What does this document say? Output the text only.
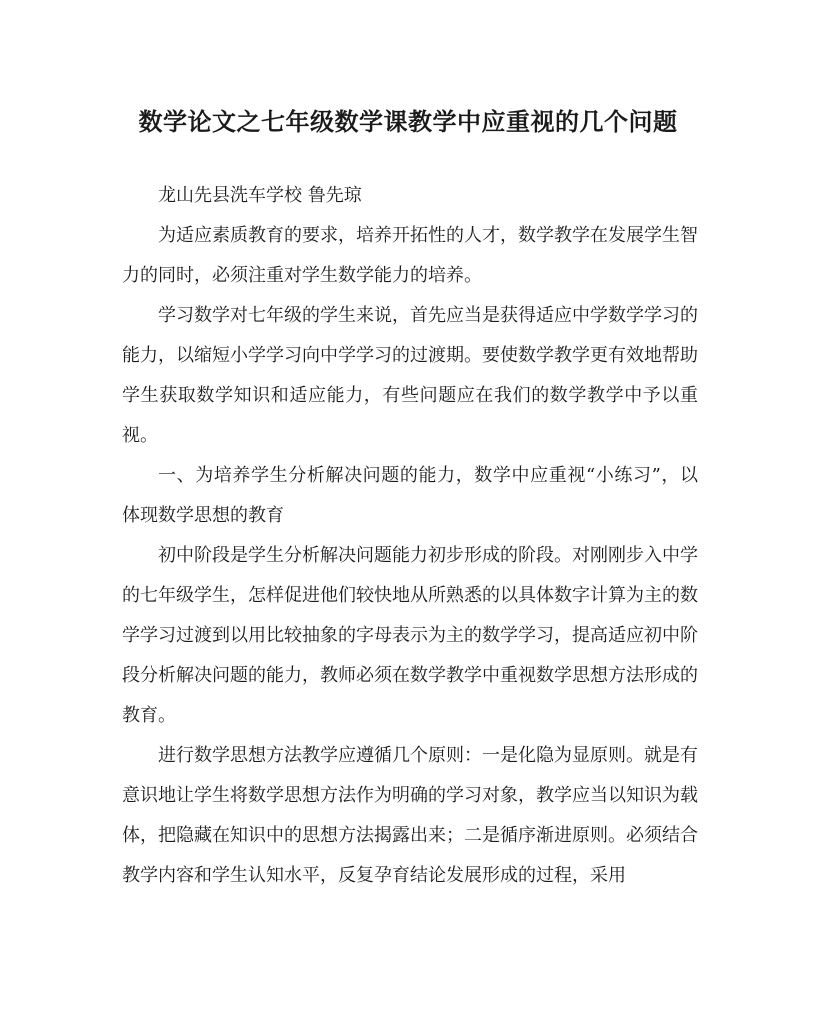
数学论文之七年级数学课教学中应重视的几个问题

龙山先县洗车学校 鲁先琼

为适应素质教育的要求，培养开拓性的人才，数学教学在发展学生智力的同时，必须注重对学生数学能力的培养。

学习数学对七年级的学生来说，首先应当是获得适应中学数学学习的能力，以缩短小学学习向中学学习的过渡期。要使数学教学更有效地帮助学生获取数学知识和适应能力，有些问题应在我们的数学教学中予以重视。

一、为培养学生分析解决问题的能力，数学中应重视“小练习”，以体现数学思想的教育

初中阶段是学生分析解决问题能力初步形成的阶段。对刚刚步入中学的七年级学生，怎样促进他们较快地从所熟悉的以具体数字计算为主的数学学习过渡到以用比较抽象的字母表示为主的数学学习，提高适应初中阶段分析解决问题的能力，教师必须在数学教学中重视数学思想方法形成的教育。

进行数学思想方法教学应遵循几个原则：一是化隐为显原则。就是有意识地让学生将数学思想方法作为明确的学习对象，教学应当以知识为载体，把隐藏在知识中的思想方法揭露出来；二是循序渐进原则。必须结合教学内容和学生认知水平，反复孕育结论发展形成的过程，采用
